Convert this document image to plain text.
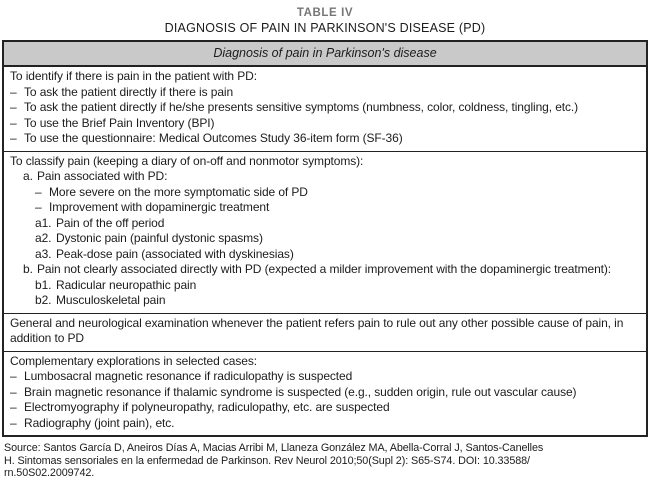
TABLE IV
DIAGNOSIS OF PAIN IN PARKINSON'S DISEASE (PD)
Diagnosis of pain in Parkinson's disease
To identify if there is pain in the patient with PD:
– To ask the patient directly if there is pain
– To ask the patient directly if he/she presents sensitive symptoms (numbness, color, coldness, tingling, etc.)
– To use the Brief Pain Inventory (BPI)
– To use the questionnaire: Medical Outcomes Study 36-item form (SF-36)
To classify pain (keeping a diary of on-off and nonmotor symptoms):
a. Pain associated with PD:
– More severe on the more symptomatic side of PD
– Improvement with dopaminergic treatment
a1. Pain of the off period
a2. Dystonic pain (painful dystonic spasms)
a3. Peak-dose pain (associated with dyskinesias)
b. Pain not clearly associated directly with PD (expected a milder improvement with the dopaminergic treatment):
b1. Radicular neuropathic pain
b2. Musculoskeletal pain
General and neurological examination whenever the patient refers pain to rule out any other possible cause of pain, in addition to PD
Complementary explorations in selected cases:
– Lumbosacral magnetic resonance if radiculopathy is suspected
– Brain magnetic resonance if thalamic syndrome is suspected (e.g., sudden origin, rule out vascular cause)
– Electromyography if polyneuropathy, radiculopathy, etc. are suspected
– Radiography (joint pain), etc.
Source: Santos García D, Aneiros Días A, Macias Arribi M, Llaneza González MA, Abella-Corral J, Santos-Canelles
H. Sintomas sensoriales en la enfermedad de Parkinson. Rev Neurol 2010;50(Supl 2): S65-S74. DOI: 10.33588/
rn.50S02.2009742.
